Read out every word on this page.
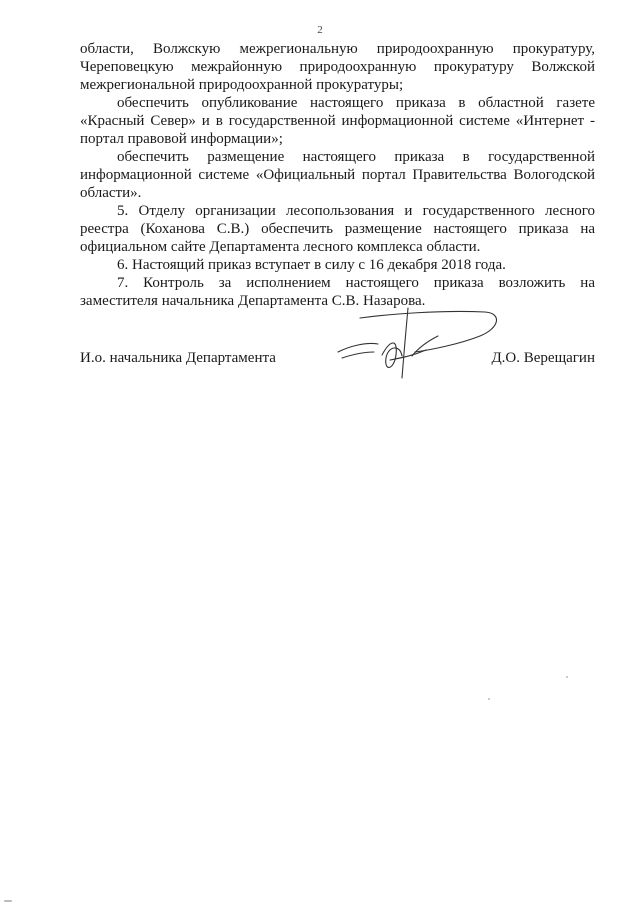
2

области, Волжскую межрегиональную природоохранную прокуратуру, Череповецкую межрайонную природоохранную прокуратуру Волжской межрегиональной природоохранной прокуратуры;

обеспечить опубликование настоящего приказа в областной газете «Красный Север» и в государственной информационной системе «Интернет - портал правовой информации»;

обеспечить размещение настоящего приказа в государственной информационной системе «Официальный портал Правительства Вологодской области».

5. Отделу организации лесопользования и государственного лесного реестра (Коханова С.В.) обеспечить размещение настоящего приказа на официальном сайте Департамента лесного комплекса области.

6. Настоящий приказ вступает в силу с 16 декабря 2018 года.

7. Контроль за исполнением настоящего приказа возложить на заместителя начальника Департамента С.В. Назарова.

И.о. начальника Департамента	Д.О. Верещагин
